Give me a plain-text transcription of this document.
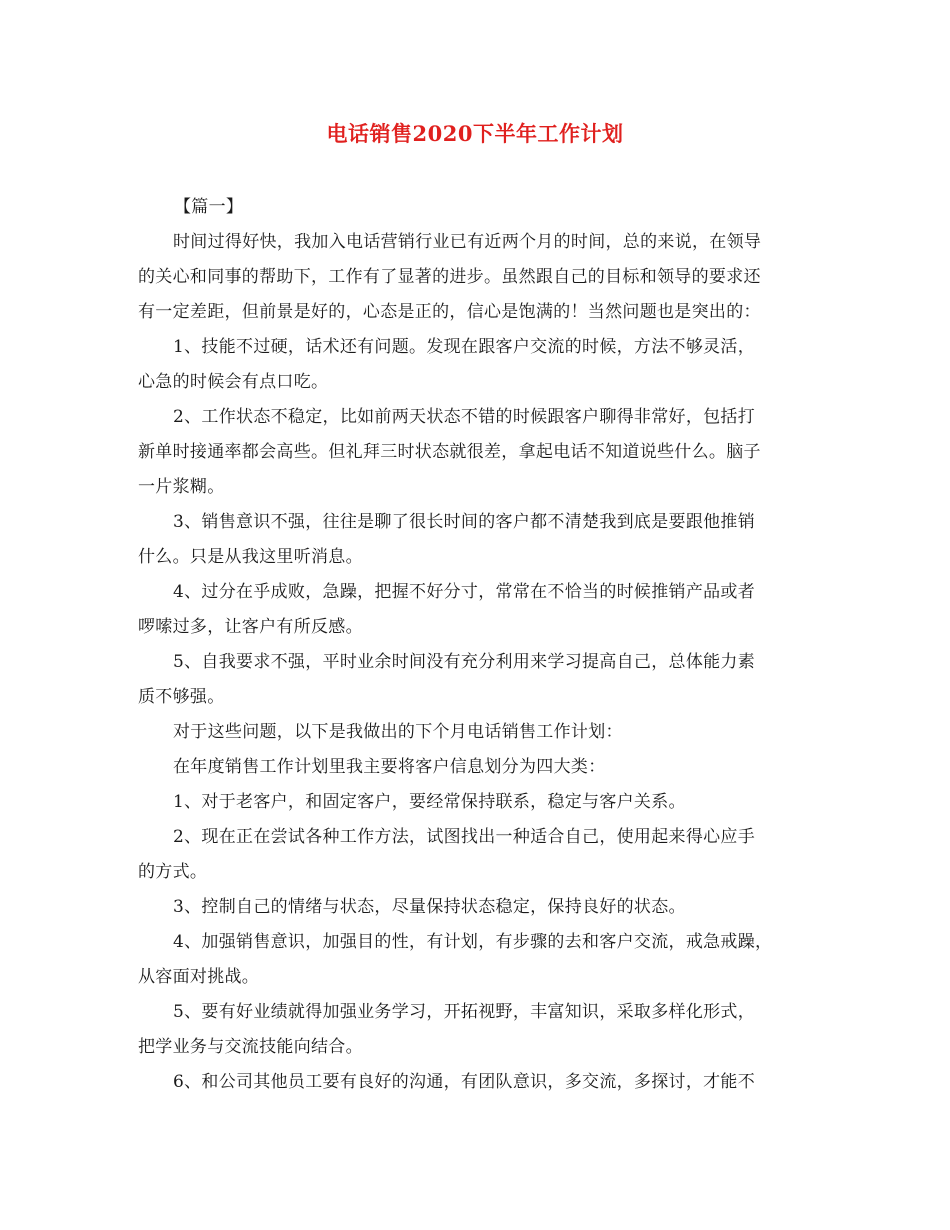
电话销售2020下半年工作计划
【篇一】
时间过得好快，我加入电话营销行业已有近两个月的时间，总的来说，在领导
的关心和同事的帮助下，工作有了显著的进步。虽然跟自己的目标和领导的要求还
有一定差距，但前景是好的，心态是正的，信心是饱满的！当然问题也是突出的：
1、技能不过硬，话术还有问题。发现在跟客户交流的时候，方法不够灵活，
心急的时候会有点口吃。
2、工作状态不稳定，比如前两天状态不错的时候跟客户聊得非常好，包括打
新单时接通率都会高些。但礼拜三时状态就很差，拿起电话不知道说些什么。脑子
一片浆糊。
3、销售意识不强，往往是聊了很长时间的客户都不清楚我到底是要跟他推销
什么。只是从我这里听消息。
4、过分在乎成败，急躁，把握不好分寸，常常在不恰当的时候推销产品或者
啰嗦过多，让客户有所反感。
5、自我要求不强，平时业余时间没有充分利用来学习提高自己，总体能力素
质不够强。
对于这些问题，以下是我做出的下个月电话销售工作计划：
在年度销售工作计划里我主要将客户信息划分为四大类：
1、对于老客户，和固定客户，要经常保持联系，稳定与客户关系。
2、现在正在尝试各种工作方法，试图找出一种适合自己，使用起来得心应手
的方式。
3、控制自己的情绪与状态，尽量保持状态稳定，保持良好的状态。
4、加强销售意识，加强目的性，有计划，有步骤的去和客户交流，戒急戒躁，
从容面对挑战。
5、要有好业绩就得加强业务学习，开拓视野，丰富知识，采取多样化形式，
把学业务与交流技能向结合。
6、和公司其他员工要有良好的沟通，有团队意识，多交流，多探讨，才能不
